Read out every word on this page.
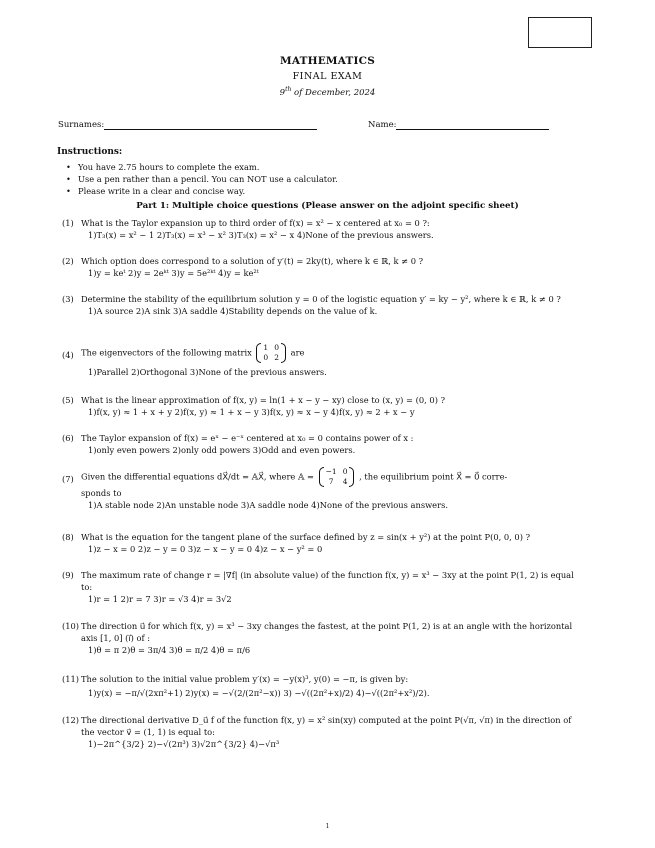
MATHEMATICS
FINAL EXAM
9th of December, 2024
Surnames:	Name:
Instructions:
• You have 2.75 hours to complete the exam.
• Use a pen rather than a pencil. You can NOT use a calculator.
• Please write in a clear and concise way.
Part 1: Multiple choice questions (Please answer on the adjoint specific sheet)
(1) What is the Taylor expansion up to third order of f(x) = x² − x centered at x₀ = 0 ?:
1)T₃(x) = x² − 1 2)T₃(x) = x³ − x² 3)T₃(x) = x² − x 4)None of the previous answers.
(2) Which option does correspond to a solution of y′(t) = 2ky(t), where k ∈ ℝ, k ≠ 0 ?
1)y = keᵗ 2)y = 2eᵏᵗ 3)y = 5e²ᵏᵗ 4)y = ke²ᵗ
(3) Determine the stability of the equilibrium solution y = 0 of the logistic equation y′ = ky − y², where k ∈ ℝ, k ≠ 0 ?
1)A source 2)A sink 3)A saddle 4)Stability depends on the value of k.
(4) The eigenvectors of the following matrix 1	0
0	2 are
1)Parallel 2)Orthogonal 3)None of the previous answers.
(5) What is the linear approximation of f(x, y) = ln(1 + x − y − xy) close to (x, y) = (0, 0) ?
1)f(x, y) ≈ 1 + x + y 2)f(x, y) ≈ 1 + x − y 3)f(x, y) ≈ x − y 4)f(x, y) ≈ 2 + x − y
(6) The Taylor expansion of f(x) = eˣ − e⁻ˣ centered at x₀ = 0 contains power of x :
1)only even powers 2)only odd powers 3)Odd and even powers.
(7) Given the differential equations dX⃗/dt = 𝔸X⃗, where 𝔸 = −1	0
7	4 , the equilibrium point X⃗ = 0⃗ corre-
sponds to
1)A stable node 2)An unstable node 3)A saddle node 4)None of the previous answers.
(8) What is the equation for the tangent plane of the surface defined by z = sin(x + y²) at the point P(0, 0, 0) ?
1)z − x = 0 2)z − y = 0 3)z − x − y = 0 4)z − x − y² = 0
(9) The maximum rate of change r = |∇f| (in absolute value) of the function f(x, y) = x³ − 3xy at the point P(1, 2) is equal to:
1)r = 1 2)r = 7 3)r = √3 4)r = 3√2
(10) The direction u⃗ for which f(x, y) = x³ − 3xy changes the fastest, at the point P(1, 2) is at an angle with the horizontal axis [1, 0] (i⃗) of :
1)θ = π 2)θ = 3π/4 3)θ = π/2 4)θ = π/6
(11) The solution to the initial value problem y′(x) = −y(x)³, y(0) = −π, is given by:
1)y(x) = −π/√(2xπ²+1) 2)y(x) = −√(2/(2π²−x)) 3) −√((2π²+x)/2) 4)−√((2π²+x²)/2).
(12) The directional derivative D_u⃗ f of the function f(x, y) = x² sin(xy) computed at the point P(√π, √π) in the direction of the vector v⃗ = (1, 1) is equal to:
1)−2π^{3/2} 2)−√(2π³) 3)√2π^{3/2} 4)−√π³
1
